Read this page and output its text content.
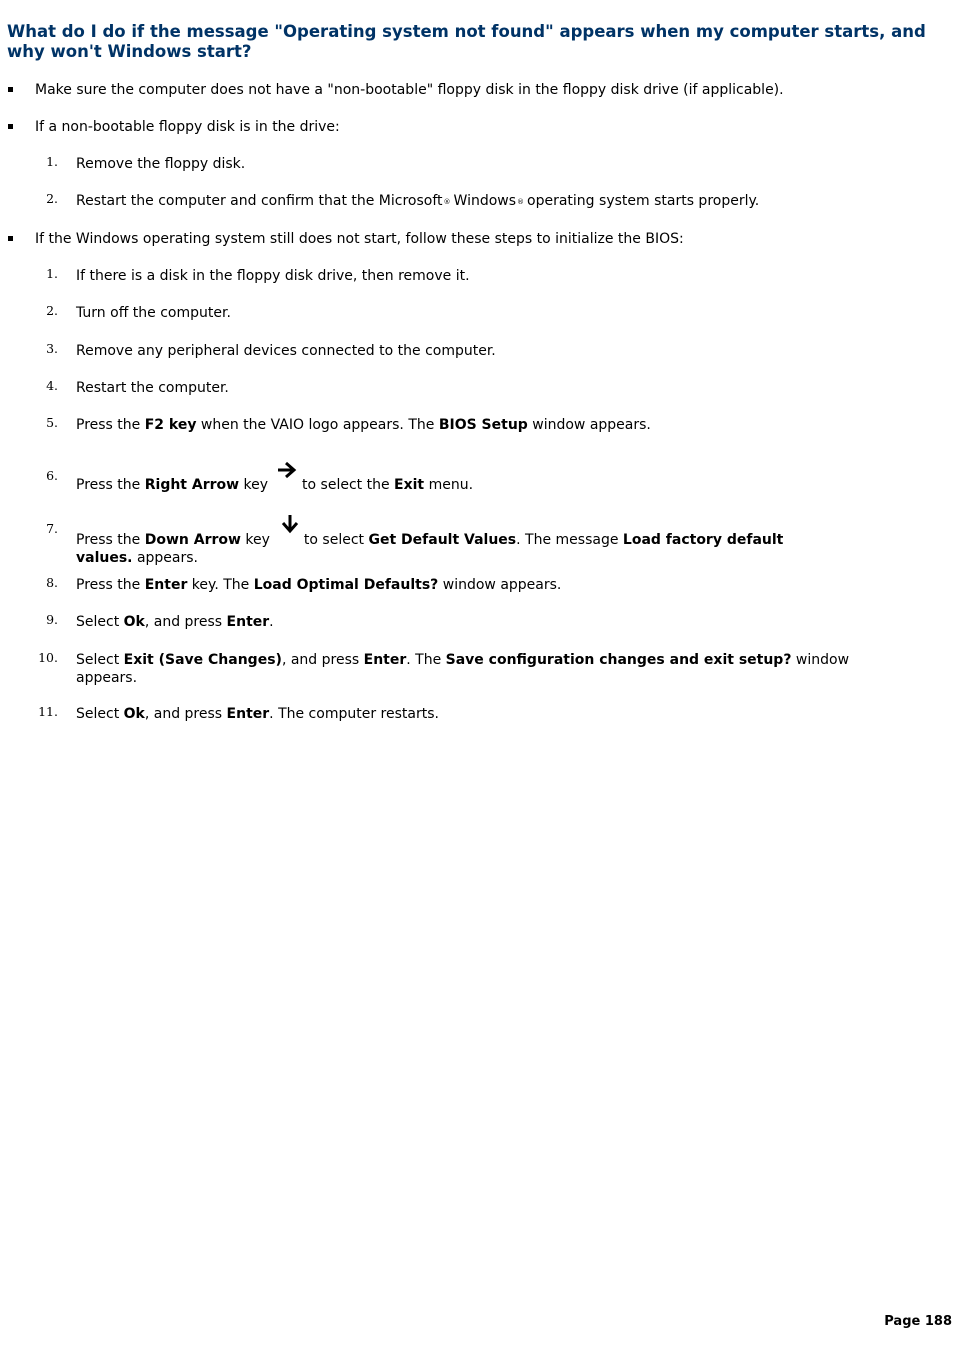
What do I do if the message "Operating system not found" appears when my computer starts, and why won't Windows start?
Make sure the computer does not have a "non-bootable" floppy disk in the floppy disk drive (if applicable).
If a non-bootable floppy disk is in the drive:
1. Remove the floppy disk.
2. Restart the computer and confirm that the Microsoft® Windows® operating system starts properly.
If the Windows operating system still does not start, follow these steps to initialize the BIOS:
1. If there is a disk in the floppy disk drive, then remove it.
2. Turn off the computer.
3. Remove any peripheral devices connected to the computer.
4. Restart the computer.
5. Press the F2 key when the VAIO logo appears. The BIOS Setup window appears.
6.
Press the Right Arrow key to select the Exit menu.
7.
Press the Down Arrow key to select Get Default Values. The message Load factory default
values. appears.
8. Press the Enter key. The Load Optimal Defaults? window appears.
9. Select Ok, and press Enter.
10. Select Exit (Save Changes), and press Enter. The Save configuration changes and exit setup? window
appears.
11. Select Ok, and press Enter. The computer restarts.
Page 188
